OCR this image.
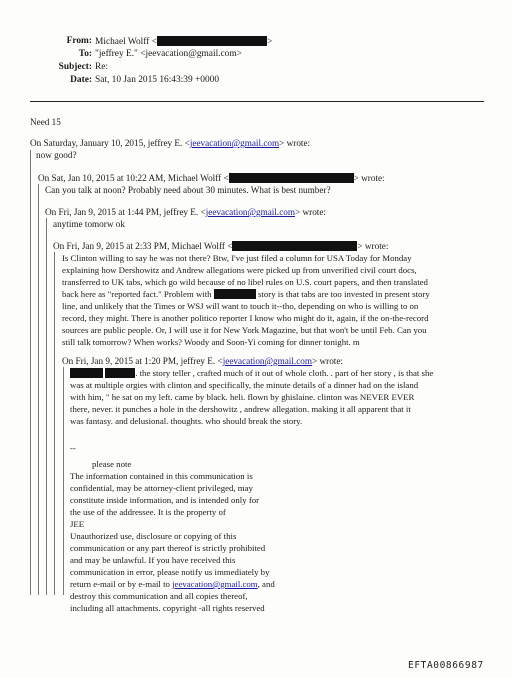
From: Michael Wolff <	>
To: "jeffrey E." <jeevacation@gmail.com>
Subject: Re:
Date: Sat, 10 Jan 2015 16:43:39 +0000
Need 15
On Saturday, January 10, 2015, jeffrey E. <jeevacation@gmail.com> wrote:
now good?
On Sat, Jan 10, 2015 at 10:22 AM, Michael Wolff <	> wrote:
Can you talk at noon? Probably need about 30 minutes. What is best number?
On Fri, Jan 9, 2015 at 1:44 PM, jeffrey E. <jeevacation@gmail.com> wrote:
anytime tomorw ok
On Fri, Jan 9, 2015 at 2:33 PM, Michael Wolff <	> wrote:
Is Clinton willing to say he was not there? Btw, I've just filed a column for USA Today for Monday
explaining how Dershowitz and Andrew allegations were picked up from unverified civil court docs,
transferred to UK tabs, which go wild because of no libel rules on U.S. court papers, and then translated
back here as "reported fact." Problem with	story is that tabs are too invested in present story
line, and unlikely that the Times or WSJ will want to touch it--tho, depending on who is willing to on
record, they might. There is another politico reporter I know who might do it, again, if the on-the-record
sources are public people. Or, I will use it for New York Magazine, but that won't be until Feb. Can you
still talk tomorrow? When works? Woody and Soon-Yi coming for dinner tonight. m
On Fri, Jan 9, 2015 at 1:20 PM, jeffrey E. <jeevacation@gmail.com> wrote:
. the story teller , crafted much of it out of whole cloth. . part of her story , is that she
was at multiple orgies with clinton and specifically, the minute details of a dinner had on the island
with him, " he sat on my left. came by black. heli. flown by ghislaine. clinton was NEVER EVER
there, never. it punches a hole in the dershowitz , andrew allegation. making it all apparent that it
was fantasy. and delusional. thoughts. who should break the story.
--
please note
The information contained in this communication is
confidential, may be attorney-client privileged, may
constitute inside information, and is intended only for
the use of the addressee. It is the property of
JEE
Unauthorized use, disclosure or copying of this
communication or any part thereof is strictly prohibited
and may be unlawful. If you have received this
communication in error, please notify us immediately by
return e-mail or by e-mail to jeevacation@gmail.com, and
destroy this communication and all copies thereof,
including all attachments. copyright -all rights reserved
EFTA00866987
